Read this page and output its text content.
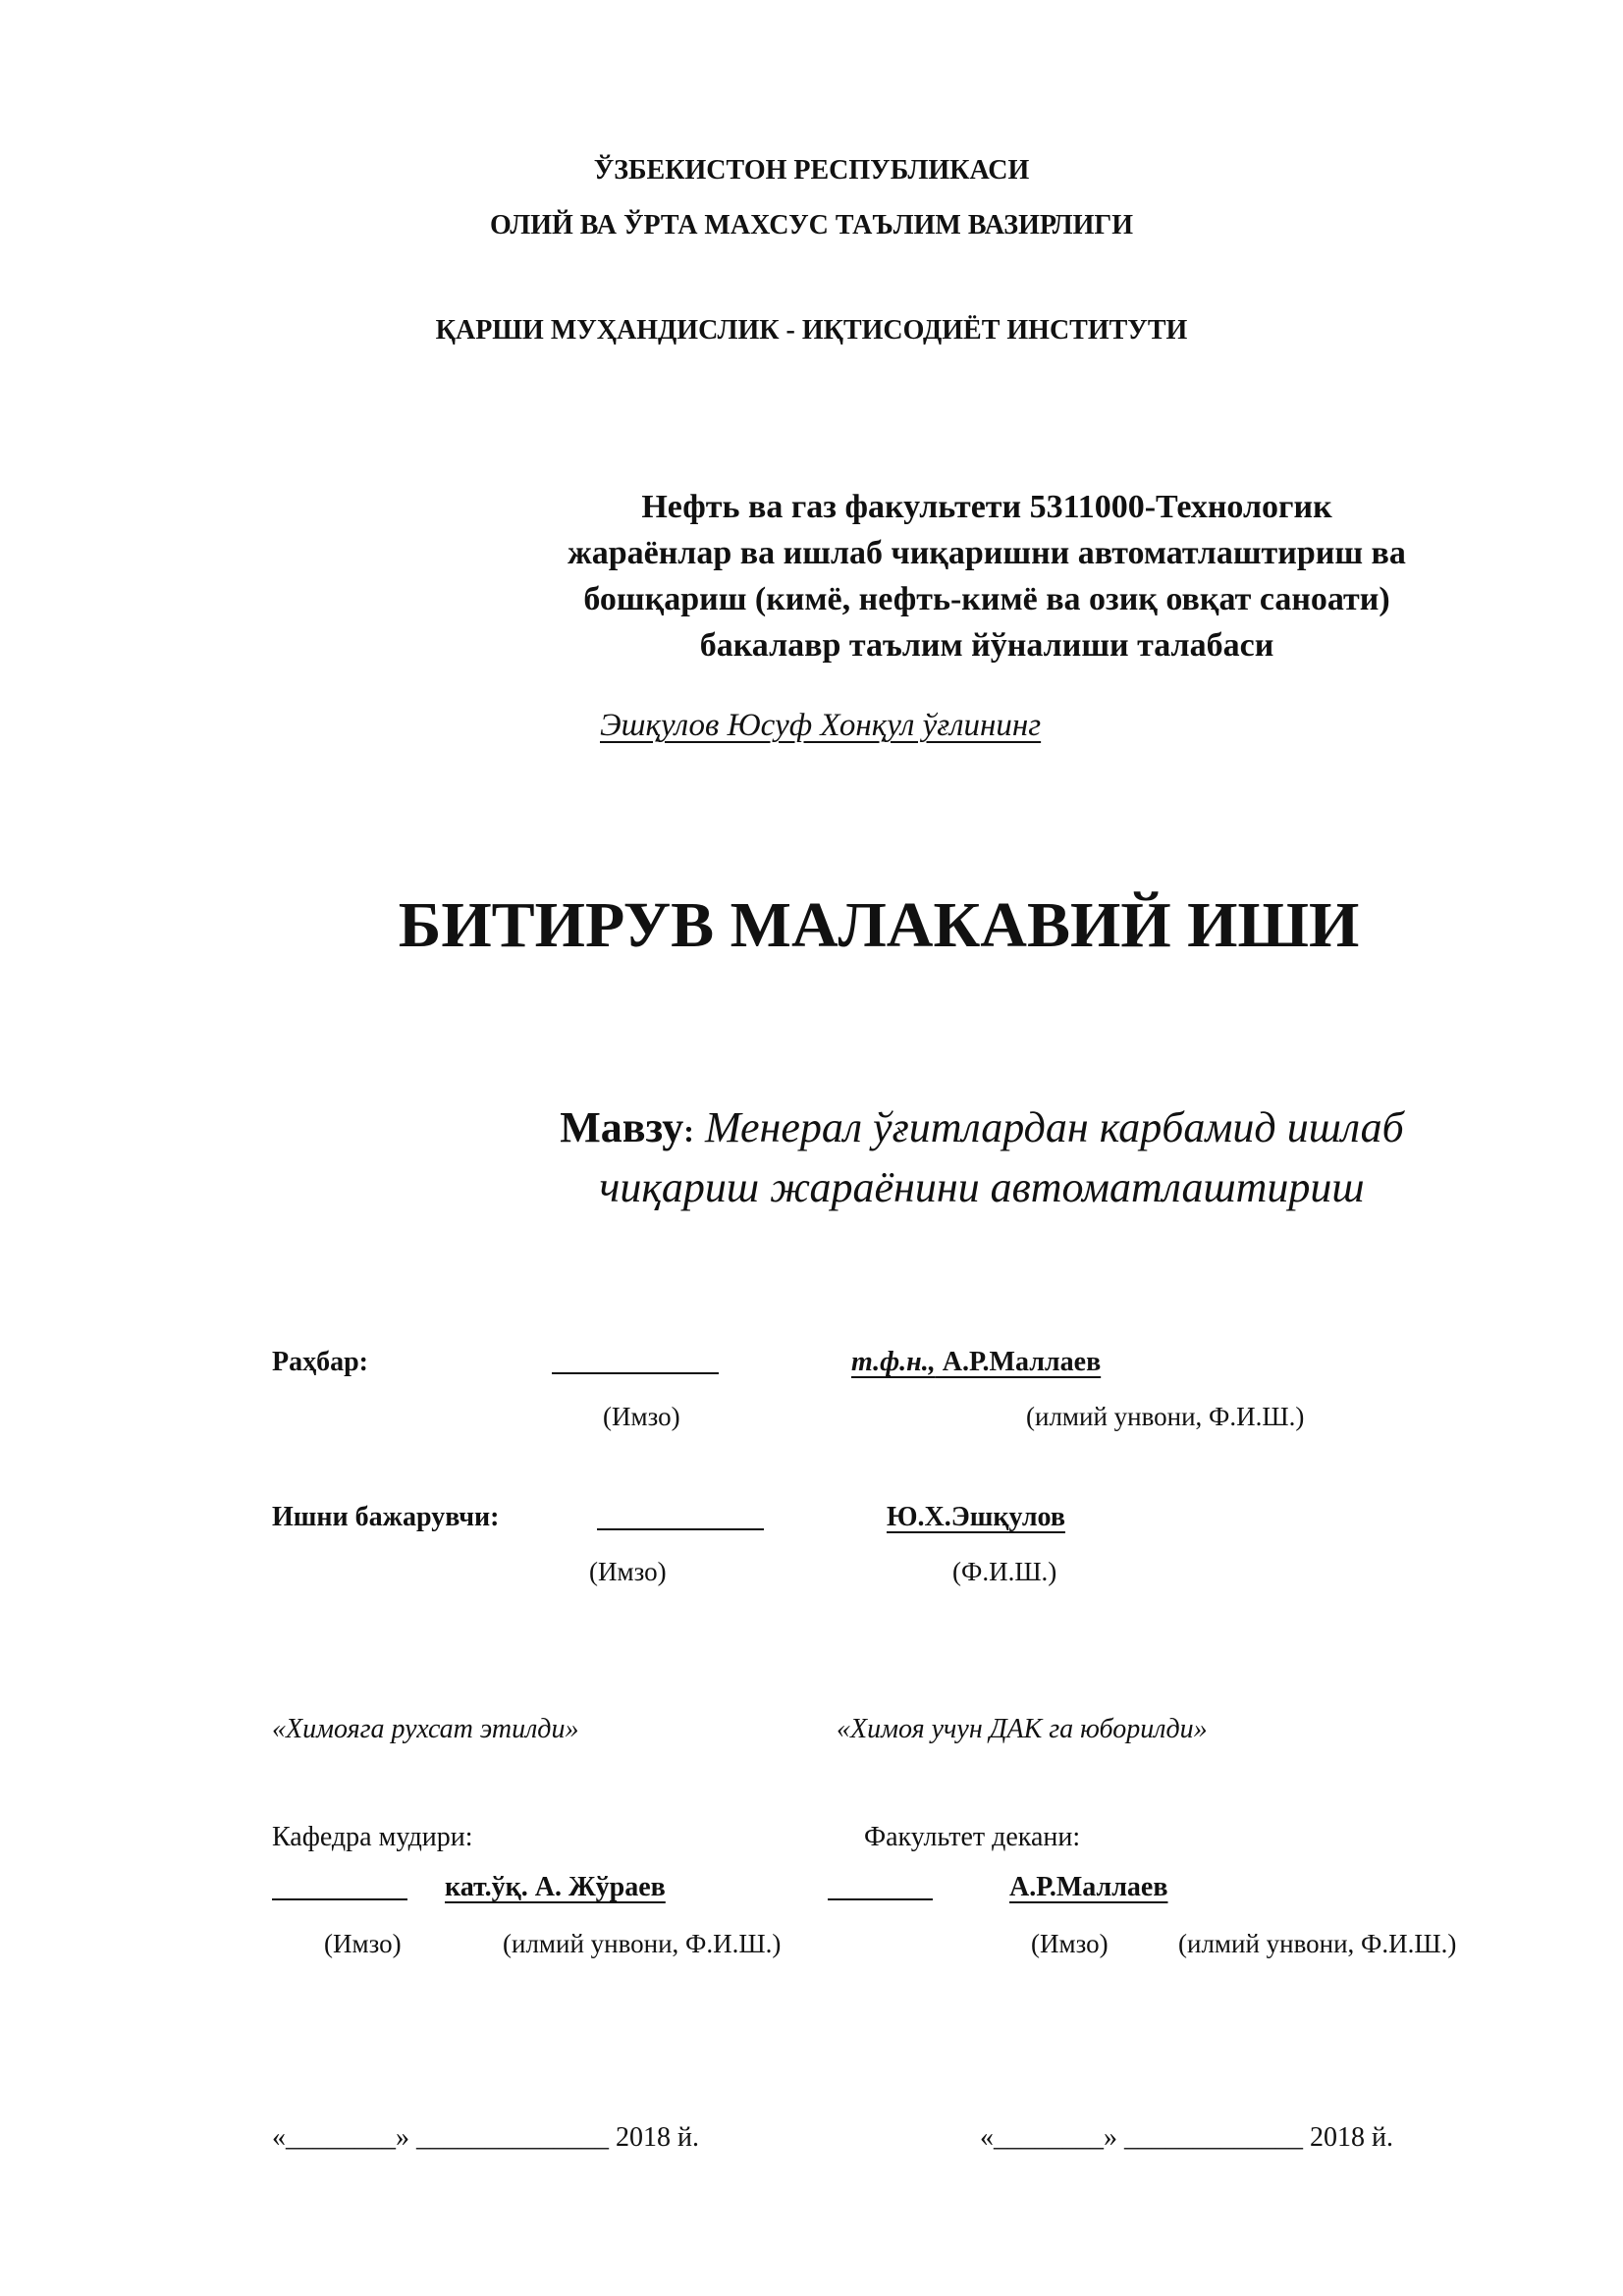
ЎЗБЕКИСТОН РЕСПУБЛИКАСИ
ОЛИЙ ВА ЎРТА МАХСУС ТАЪЛИМ ВАЗИРЛИГИ
ҚАРШИ МУҲАНДИСЛИК - ИҚТИСОДИЁТ ИНСТИТУТИ
Нефть ва газ факультети 5311000-Технологик
жараёнлар ва ишлаб чиқаришни автоматлаштириш ва
бошқариш (кимё, нефть-кимё ва озиқ овқат саноати)
бакалавр таълим йўналиши талабаси
Эшқулов Юсуф Хонқул ўғлининг
БИТИРУВ МАЛАКАВИЙ ИШИ
Мавзу: Менерал ўғитлардан карбамид ишлаб
чиқариш жараёнини автоматлаштириш
Раҳбар:	т.ф.н., А.Р.Маллаев
(Имзо)	(илмий унвони, Ф.И.Ш.)
Ишни бажарувчи:	Ю.Х.Эшқулов
(Имзо)	(Ф.И.Ш.)
«Химояга рухсат этилди»	«Химоя учун ДАК га юборилди»
Кафедра мудири:	Факультет декани:
кат.ўқ. А. Жўраев	А.Р.Маллаев
(Имзо)	(илмий унвони, Ф.И.Ш.)	(Имзо)	(илмий унвони, Ф.И.Ш.)
«________» ______________ 2018 й.	«________» _____________ 2018 й.
